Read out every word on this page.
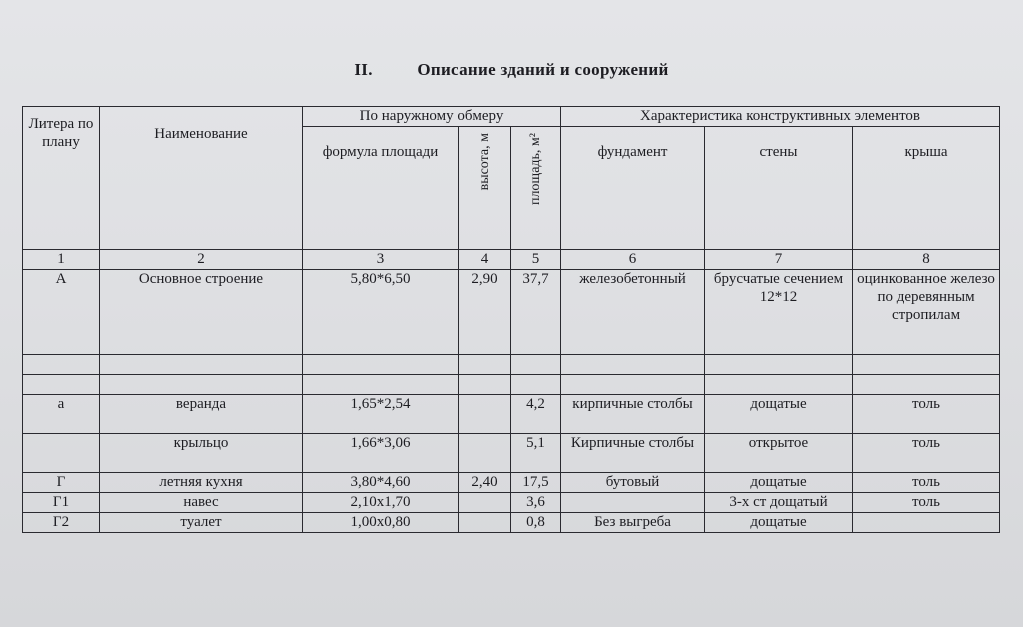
II.	Описание зданий и сооружений
Литера по плану	Наименование	По наружному обмеру			Характеристика конструктивных элементов		
		формула площади	высота, м	площадь, м²	фундамент	стены	крыша
1	2	3	4	5	6	7	8
А	Основное строение	5,80*6,50	2,90	37,7	железобетонный	брусчатые сечением 12*12	оцинкованное железо по деревянным стропилам

а	веранда	1,65*2,54		4,2	кирпичные столбы	дощатые	толь
	крыльцо	1,66*3,06		5,1	Кирпичные столбы	открытое	толь
Г	летняя кухня	3,80*4,60	2,40	17,5	бутовый	дощатые	толь
Г1	навес	2,10х1,70		3,6		3-х ст дощатый	толь
Г2	туалет	1,00х0,80		0,8	Без выгреба	дощатые	
